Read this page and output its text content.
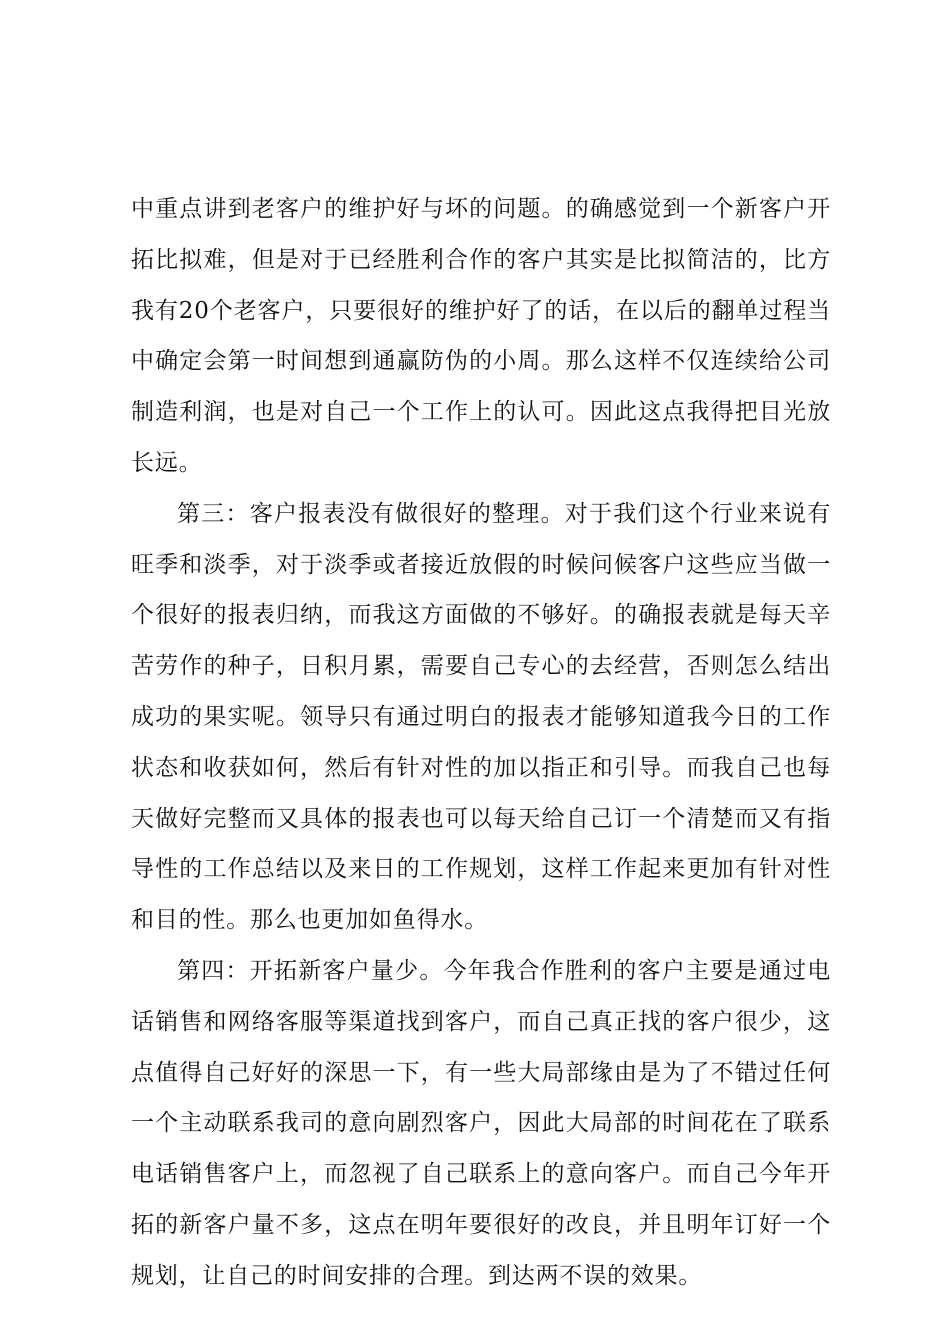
中重点讲到老客户的维护好与坏的问题。的确感觉到一个新客户开拓比拟难，但是对于已经胜利合作的客户其实是比拟简洁的，比方我有20个老客户，只要很好的维护好了的话，在以后的翻单过程当中确定会第一时间想到通赢防伪的小周。那么这样不仅连续给公司制造利润，也是对自己一个工作上的认可。因此这点我得把目光放长远。

第三：客户报表没有做很好的整理。对于我们这个行业来说有旺季和淡季，对于淡季或者接近放假的时候问候客户这些应当做一个很好的报表归纳，而我这方面做的不够好。的确报表就是每天辛苦劳作的种子，日积月累，需要自己专心的去经营，否则怎么结出成功的果实呢。领导只有通过明白的报表才能够知道我今日的工作状态和收获如何，然后有针对性的加以指正和引导。而我自己也每天做好完整而又具体的报表也可以每天给自己订一个清楚而又有指导性的工作总结以及来日的工作规划，这样工作起来更加有针对性和目的性。那么也更加如鱼得水。

第四：开拓新客户量少。今年我合作胜利的客户主要是通过电话销售和网络客服等渠道找到客户，而自己真正找的客户很少，这点值得自己好好的深思一下，有一些大局部缘由是为了不错过任何一个主动联系我司的意向剧烈客户，因此大局部的时间花在了联系电话销售客户上，而忽视了自己联系上的意向客户。而自己今年开拓的新客户量不多，这点在明年要很好的改良，并且明年订好一个规划，让自己的时间安排的合理。到达两不误的效果。
